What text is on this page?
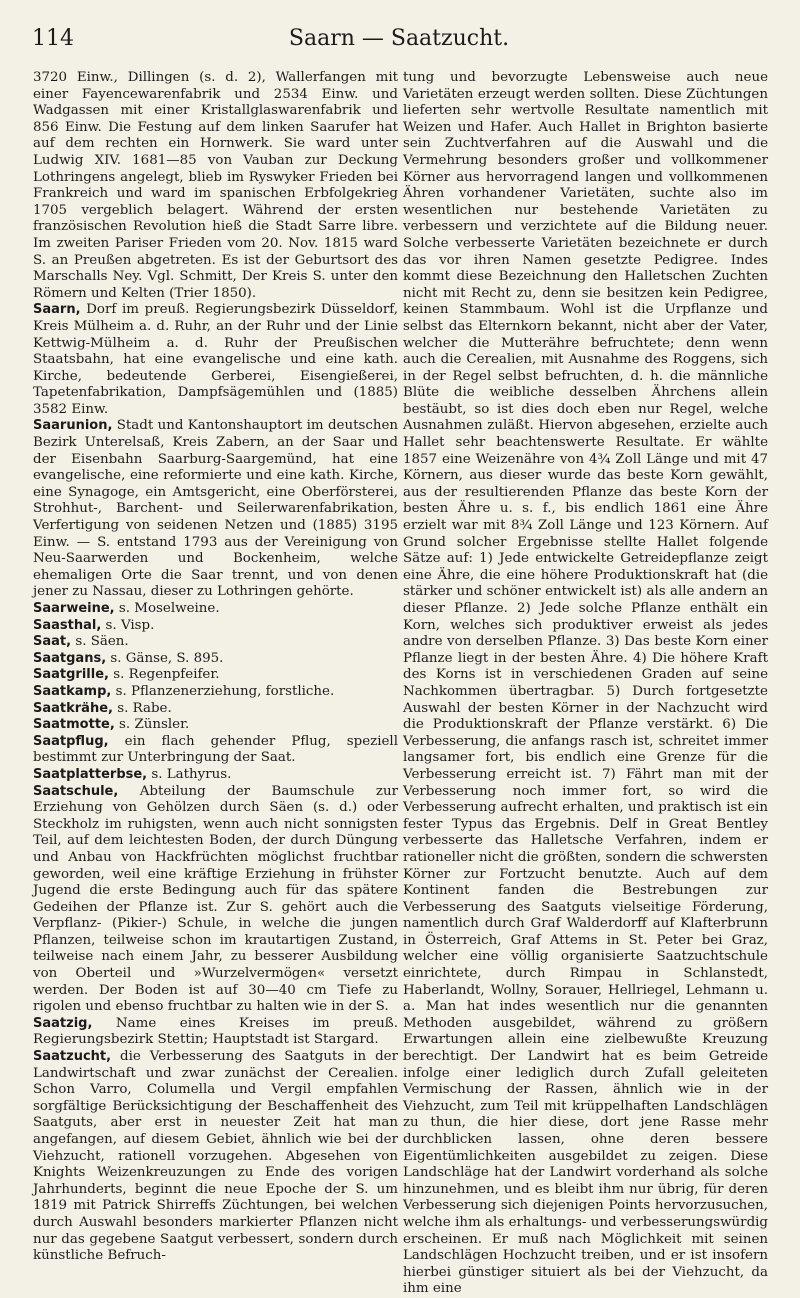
114	Saarn — Saatzucht.

3720 Einw., Dillingen (s. d. 2), Wallerfangen mit einer Fayencewarenfabrik und 2534 Einw. und Wadgassen mit einer Kristallglaswarenfabrik und 856 Einw. Die Festung auf dem linken Saarufer hat auf dem rechten ein Hornwerk. Sie ward unter Ludwig XIV. 1681—85 von Vauban zur Deckung Lothringens angelegt, blieb im Ryswyker Frieden bei Frankreich und ward im spanischen Erbfolgekrieg 1705 vergeblich belagert. Während der ersten französischen Revolution hieß die Stadt Sarre libre. Im zweiten Pariser Frieden vom 20. Nov. 1815 ward S. an Preußen abgetreten. Es ist der Geburtsort des Marschalls Ney. Vgl. Schmitt, Der Kreis S. unter den Römern und Kelten (Trier 1850).

Saarn, Dorf im preuß. Regierungsbezirk Düsseldorf, Kreis Mülheim a. d. Ruhr, an der Ruhr und der Linie Kettwig-Mülheim a. d. Ruhr der Preußischen Staatsbahn, hat eine evangelische und eine kath. Kirche, bedeutende Gerberei, Eisengießerei, Tapetenfabrikation, Dampfsägemühlen und (1885) 3582 Einw.

Saarunion, Stadt und Kantonshauptort im deutschen Bezirk Unterelsaß, Kreis Zabern, an der Saar und der Eisenbahn Saarburg-Saargemünd, hat eine evangelische, eine reformierte und eine kath. Kirche, eine Synagoge, ein Amtsgericht, eine Oberförsterei, Strohhut-, Barchent- und Seilerwarenfabrikation, Verfertigung von seidenen Netzen und (1885) 3195 Einw. — S. entstand 1793 aus der Vereinigung von Neu-Saarwerden und Bockenheim, welche ehemaligen Orte die Saar trennt, und von denen jener zu Nassau, dieser zu Lothringen gehörte.

Saarweine, s. Moselweine.

Saasthal, s. Visp.

Saat, s. Säen.

Saatgans, s. Gänse, S. 895.

Saatgrille, s. Regenpfeifer.

Saatkamp, s. Pflanzenerziehung, forstliche.

Saatkrähe, s. Rabe.

Saatmotte, s. Zünsler.

Saatpflug, ein flach gehender Pflug, speziell bestimmt zur Unterbringung der Saat.

Saatplatterbse, s. Lathyrus.

Saatschule, Abteilung der Baumschule zur Erziehung von Gehölzen durch Säen (s. d.) oder Steckholz im ruhigsten, wenn auch nicht sonnigsten Teil, auf dem leichtesten Boden, der durch Düngung und Anbau von Hackfrüchten möglichst fruchtbar geworden, weil eine kräftige Erziehung in frühster Jugend die erste Bedingung auch für das spätere Gedeihen der Pflanze ist. Zur S. gehört auch die Verpflanz- (Pikier-) Schule, in welche die jungen Pflanzen, teilweise schon im krautartigen Zustand, teilweise nach einem Jahr, zu besserer Ausbildung von Oberteil und »Wurzelvermögen« versetzt werden. Der Boden ist auf 30—40 cm Tiefe zu rigolen und ebenso fruchtbar zu halten wie in der S.

Saatzig, Name eines Kreises im preuß. Regierungsbezirk Stettin; Hauptstadt ist Stargard.

Saatzucht, die Verbesserung des Saatguts in der Landwirtschaft und zwar zunächst der Cerealien. Schon Varro, Columella und Vergil empfahlen sorgfältige Berücksichtigung der Beschaffenheit des Saatguts, aber erst in neuester Zeit hat man angefangen, auf diesem Gebiet, ähnlich wie bei der Viehzucht, rationell vorzugehen. Abgesehen von Knights Weizenkreuzungen zu Ende des vorigen Jahrhunderts, beginnt die neue Epoche der S. um 1819 mit Patrick Shirreffs Züchtungen, bei welchen durch Auswahl besonders markierter Pflanzen nicht nur das gegebene Saatgut verbessert, sondern durch künstliche Befruch-

tung und bevorzugte Lebensweise auch neue Varietäten erzeugt werden sollten. Diese Züchtungen lieferten sehr wertvolle Resultate namentlich mit Weizen und Hafer. Auch Hallet in Brighton basierte sein Zuchtverfahren auf die Auswahl und die Vermehrung besonders großer und vollkommener Körner aus hervorragend langen und vollkommenen Ähren vorhandener Varietäten, suchte also im wesentlichen nur bestehende Varietäten zu verbessern und verzichtete auf die Bildung neuer. Solche verbesserte Varietäten bezeichnete er durch das vor ihren Namen gesetzte Pedigree. Indes kommt diese Bezeichnung den Halletschen Zuchten nicht mit Recht zu, denn sie besitzen kein Pedigree, keinen Stammbaum. Wohl ist die Urpflanze und selbst das Elternkorn bekannt, nicht aber der Vater, welcher die Mutterähre befruchtete; denn wenn auch die Cerealien, mit Ausnahme des Roggens, sich in der Regel selbst befruchten, d. h. die männliche Blüte die weibliche desselben Ährchens allein bestäubt, so ist dies doch eben nur Regel, welche Ausnahmen zuläßt. Hiervon abgesehen, erzielte auch Hallet sehr beachtenswerte Resultate. Er wählte 1857 eine Weizenähre von 4¾ Zoll Länge und mit 47 Körnern, aus dieser wurde das beste Korn gewählt, aus der resultierenden Pflanze das beste Korn der besten Ähre u. s. f., bis endlich 1861 eine Ähre erzielt war mit 8¾ Zoll Länge und 123 Körnern. Auf Grund solcher Ergebnisse stellte Hallet folgende Sätze auf: 1) Jede entwickelte Getreidepflanze zeigt eine Ähre, die eine höhere Produktionskraft hat (die stärker und schöner entwickelt ist) als alle andern an dieser Pflanze. 2) Jede solche Pflanze enthält ein Korn, welches sich produktiver erweist als jedes andre von derselben Pflanze. 3) Das beste Korn einer Pflanze liegt in der besten Ähre. 4) Die höhere Kraft des Korns ist in verschiedenen Graden auf seine Nachkommen übertragbar. 5) Durch fortgesetzte Auswahl der besten Körner in der Nachzucht wird die Produktionskraft der Pflanze verstärkt. 6) Die Verbesserung, die anfangs rasch ist, schreitet immer langsamer fort, bis endlich eine Grenze für die Verbesserung erreicht ist. 7) Fährt man mit der Verbesserung noch immer fort, so wird die Verbesserung aufrecht erhalten, und praktisch ist ein fester Typus das Ergebnis. Delf in Great Bentley verbesserte das Halletsche Verfahren, indem er rationeller nicht die größten, sondern die schwersten Körner zur Fortzucht benutzte. Auch auf dem Kontinent fanden die Bestrebungen zur Verbesserung des Saatguts vielseitige Förderung, namentlich durch Graf Walderdorff auf Klafterbrunn in Österreich, Graf Attems in St. Peter bei Graz, welcher eine völlig organisierte Saatzuchtschule einrichtete, durch Rimpau in Schlanstedt, Haberlandt, Wollny, Sorauer, Hellriegel, Lehmann u. a. Man hat indes wesentlich nur die genannten Methoden ausgebildet, während zu größern Erwartungen allein eine zielbewußte Kreuzung berechtigt. Der Landwirt hat es beim Getreide infolge einer lediglich durch Zufall geleiteten Vermischung der Rassen, ähnlich wie in der Viehzucht, zum Teil mit krüppelhaften Landschlägen zu thun, die hier diese, dort jene Rasse mehr durchblicken lassen, ohne deren bessere Eigentümlichkeiten ausgebildet zu zeigen. Diese Landschläge hat der Landwirt vorderhand als solche hinzunehmen, und es bleibt ihm nur übrig, für deren Verbesserung sich diejenigen Points hervorzusuchen, welche ihm als erhaltungs- und verbesserungswürdig erscheinen. Er muß nach Möglichkeit mit seinen Landschlägen Hochzucht treiben, und er ist insofern hierbei günstiger situiert als bei der Viehzucht, da ihm eine
